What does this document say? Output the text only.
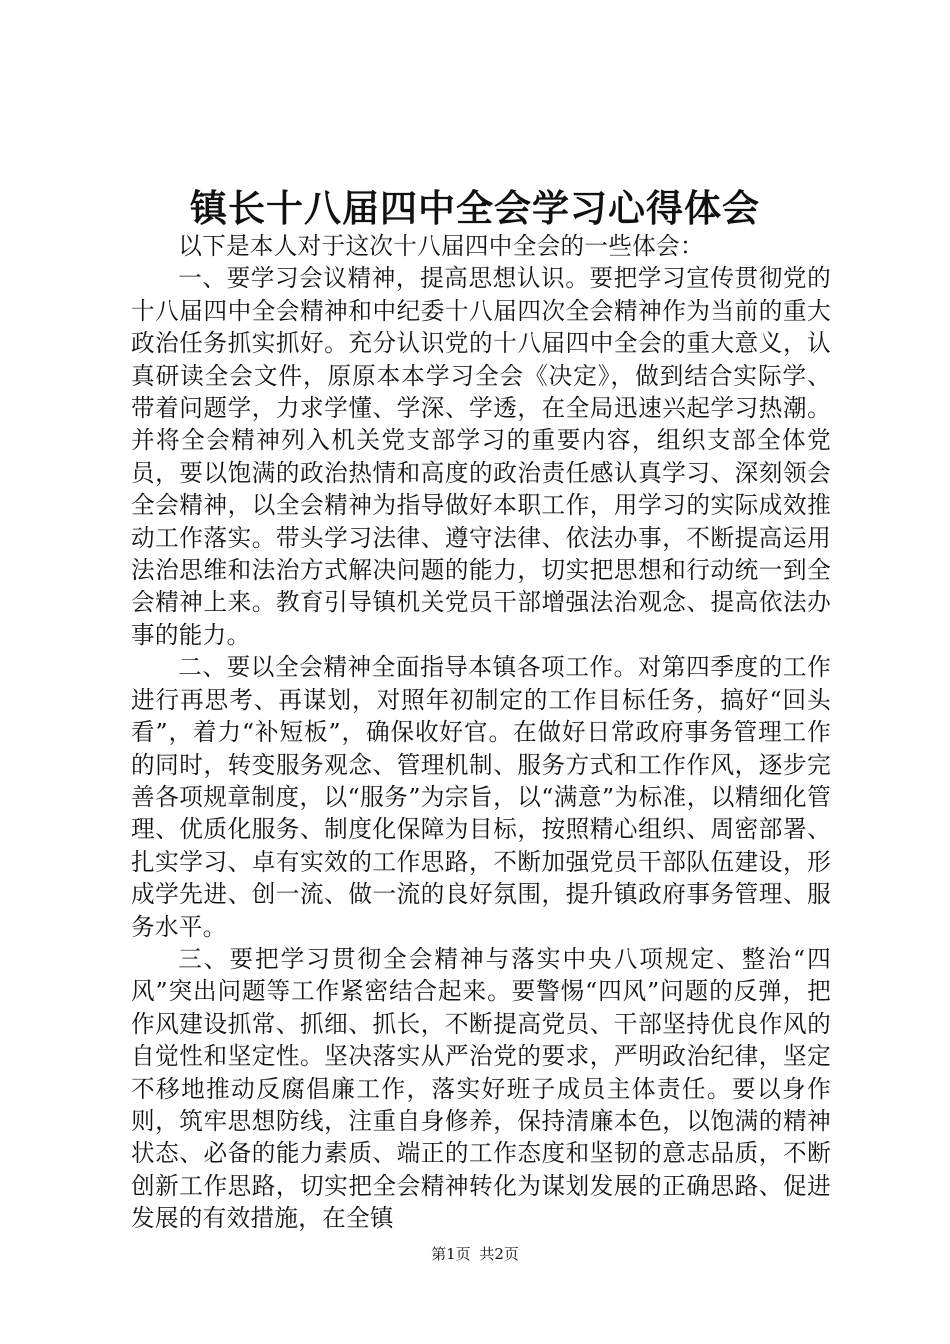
镇长十八届四中全会学习心得体会

以下是本人对于这次十八届四中全会的一些体会：

一、要学习会议精神，提高思想认识。要把学习宣传贯彻党的十八届四中全会精神和中纪委十八届四次全会精神作为当前的重大政治任务抓实抓好。充分认识党的十八届四中全会的重大意义，认真研读全会文件，原原本本学习全会《决定》，做到结合实际学、带着问题学，力求学懂、学深、学透，在全局迅速兴起学习热潮。并将全会精神列入机关党支部学习的重要内容，组织支部全体党员，要以饱满的政治热情和高度的政治责任感认真学习、深刻领会全会精神，以全会精神为指导做好本职工作，用学习的实际成效推动工作落实。带头学习法律、遵守法律、依法办事，不断提高运用法治思维和法治方式解决问题的能力，切实把思想和行动统一到全会精神上来。教育引导镇机关党员干部增强法治观念、提高依法办事的能力。

二、要以全会精神全面指导本镇各项工作。对第四季度的工作进行再思考、再谋划，对照年初制定的工作目标任务，搞好“回头看”，着力“补短板”，确保收好官。在做好日常政府事务管理工作的同时，转变服务观念、管理机制、服务方式和工作作风，逐步完善各项规章制度，以“服务”为宗旨，以“满意”为标准，以精细化管理、优质化服务、制度化保障为目标，按照精心组织、周密部署、扎实学习、卓有实效的工作思路，不断加强党员干部队伍建设，形成学先进、创一流、做一流的良好氛围，提升镇政府事务管理、服务水平。

三、要把学习贯彻全会精神与落实中央八项规定、整治“四风”突出问题等工作紧密结合起来。要警惕“四风”问题的反弹，把作风建设抓常、抓细、抓长，不断提高党员、干部坚持优良作风的自觉性和坚定性。坚决落实从严治党的要求，严明政治纪律，坚定不移地推动反腐倡廉工作，落实好班子成员主体责任。要以身作则，筑牢思想防线，注重自身修养，保持清廉本色，以饱满的精神状态、必备的能力素质、端正的工作态度和坚韧的意志品质，不断创新工作思路，切实把全会精神转化为谋划发展的正确思路、促进发展的有效措施，在全镇

第1页 共2页
